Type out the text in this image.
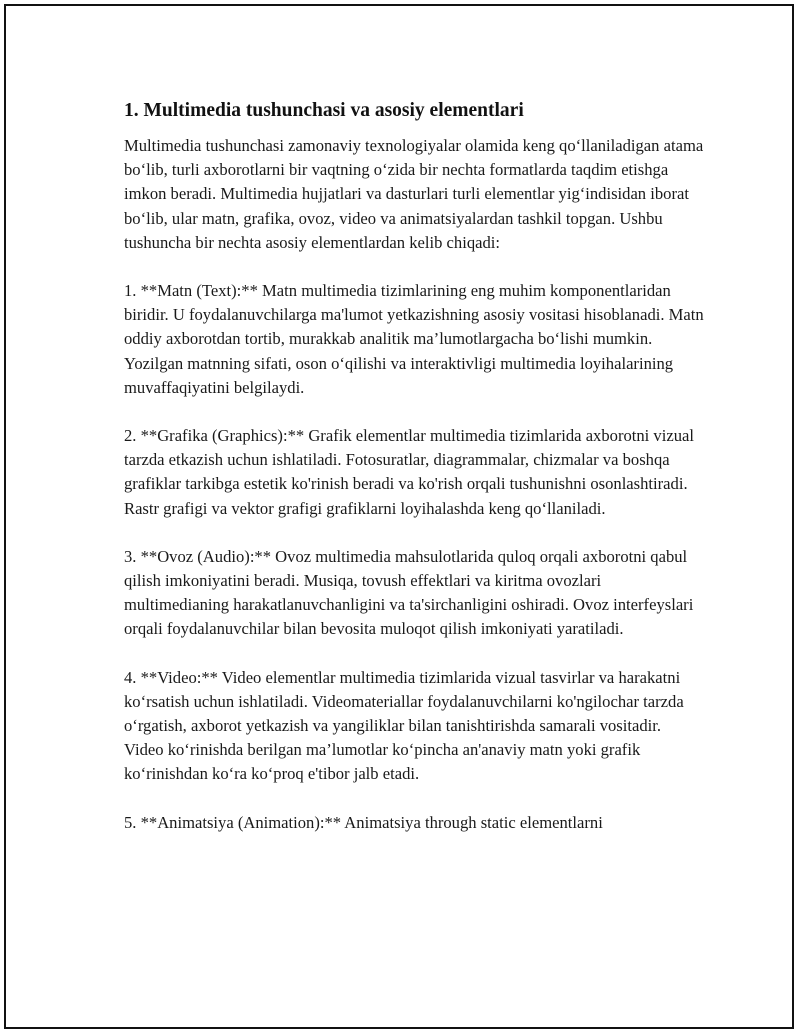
1. Multimedia tushunchasi va asosiy elementlari

Multimedia tushunchasi zamonaviy texnologiyalar olamida keng qo‘llaniladigan atama bo‘lib, turli axborotlarni bir vaqtning o‘zida bir nechta formatlarda taqdim etishga imkon beradi. Multimedia hujjatlari va dasturlari turli elementlar yig‘indisidan iborat bo‘lib, ular matn, grafika, ovoz, video va animatsiyalardan tashkil topgan. Ushbu tushuncha bir nechta asosiy elementlardan kelib chiqadi:

1. **Matn (Text):** Matn multimedia tizimlarining eng muhim komponentlaridan biridir. U foydalanuvchilarga ma'lumot yetkazishning asosiy vositasi hisoblanadi. Matn oddiy axborotdan tortib, murakkab analitik ma’lumotlargacha bo‘lishi mumkin. Yozilgan matnning sifati, oson o‘qilishi va interaktivligi multimedia loyihalarining muvaffaqiyatini belgilaydi.

2. **Grafika (Graphics):** Grafik elementlar multimedia tizimlarida axborotni vizual tarzda etkazish uchun ishlatiladi. Fotosuratlar, diagrammalar, chizmalar va boshqa grafiklar tarkibga estetik ko'rinish beradi va ko'rish orqali tushunishni osonlashtiradi. Rastr grafigi va vektor grafigi grafiklarni loyihalashda keng qo‘llaniladi.

3. **Ovoz (Audio):** Ovoz multimedia mahsulotlarida quloq orqali axborotni qabul qilish imkoniyatini beradi. Musiqa, tovush effektlari va kiritma ovozlari multimedianing harakatlanuvchanligini va ta'sirchanligini oshiradi. Ovoz interfeyslari orqali foydalanuvchilar bilan bevosita muloqot qilish imkoniyati yaratiladi.

4. **Video:** Video elementlar multimedia tizimlarida vizual tasvirlar va harakatni ko‘rsatish uchun ishlatiladi. Videomateriallar foydalanuvchilarni ko'ngilochar tarzda o‘rgatish, axborot yetkazish va yangiliklar bilan tanishtirishda samarali vositadir. Video ko‘rinishda berilgan ma’lumotlar ko‘pincha an'anaviy matn yoki grafik ko‘rinishdan ko‘ra ko‘proq e'tibor jalb etadi.

5. **Animatsiya (Animation):** Animatsiya through static elementlarni
